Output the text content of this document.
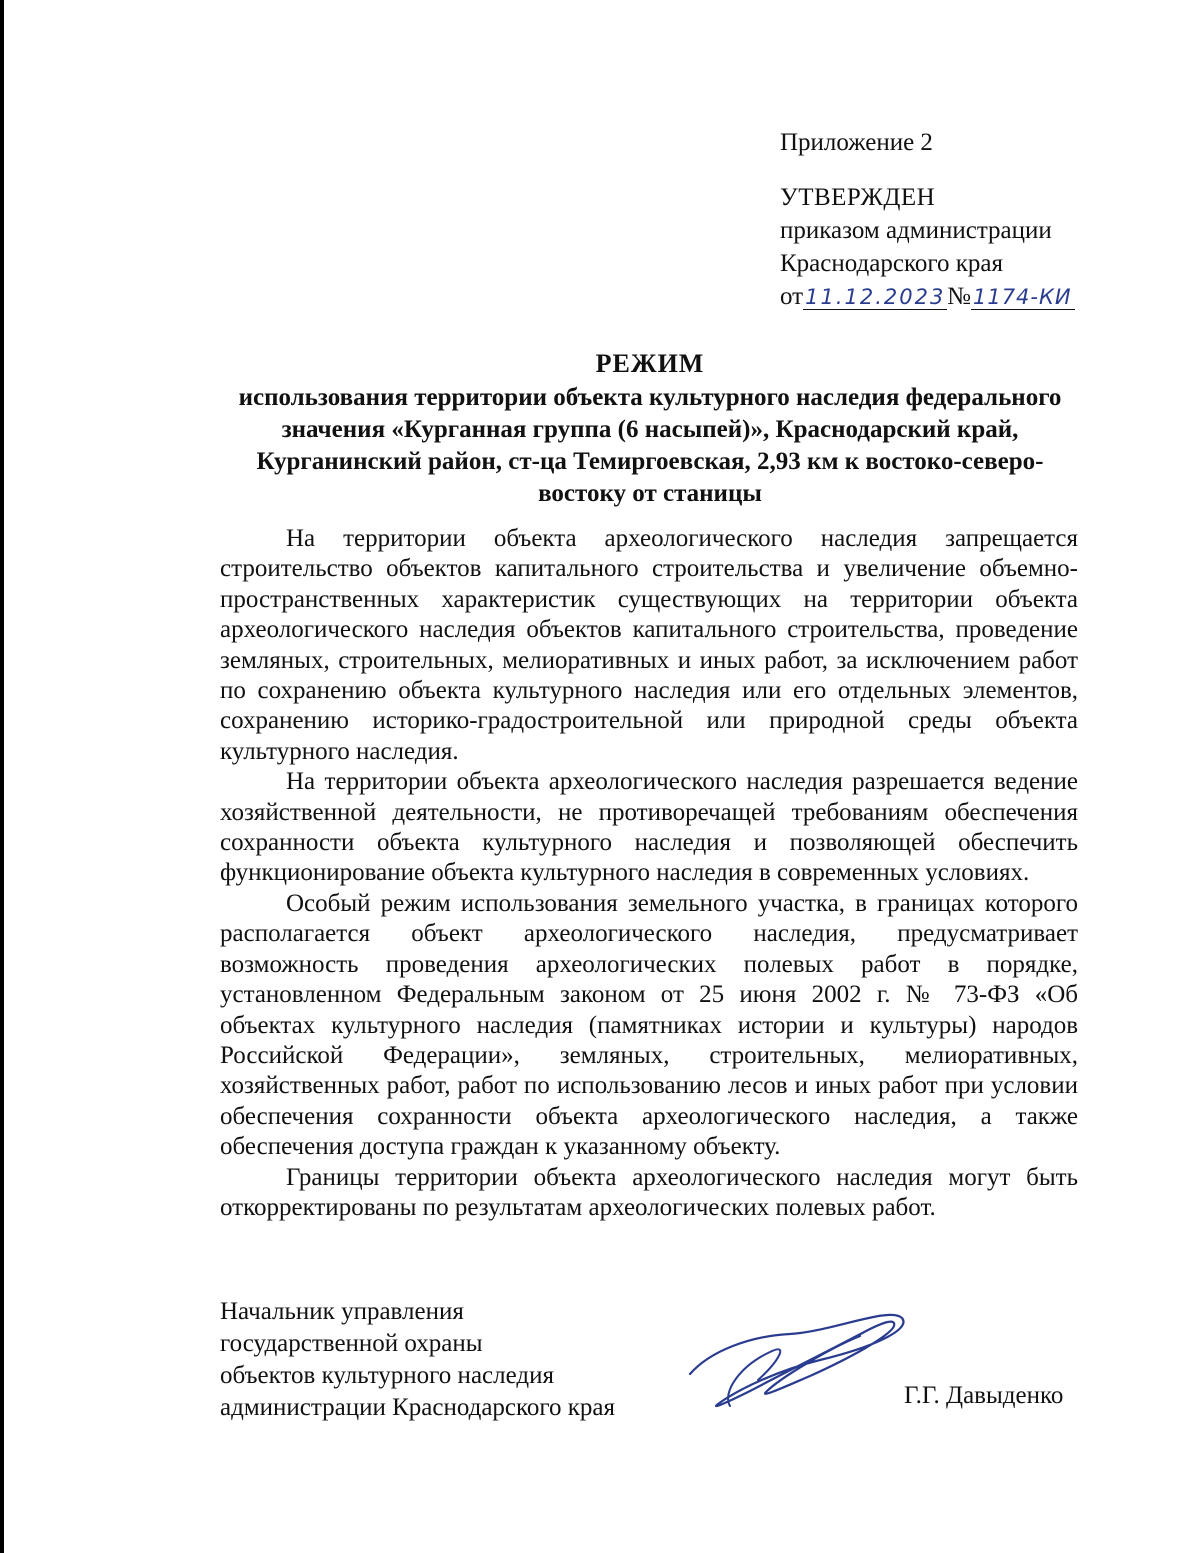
Приложение 2
УТВЕРЖДЕН
приказом администрации
Краснодарского края
от11.12.2023№1174-КИ
РЕЖИМ
использования территории объекта культурного наследия федерального
значения «Курганная группа (6 насыпей)», Краснодарский край,
Курганинский район, ст-ца Темиргоевская, 2,93 км к востоко-северо-
востоку от станицы

На территории объекта археологического наследия запрещается строительство объектов капитального строительства и увеличение объемно-пространственных характеристик существующих на территории объекта археологического наследия объектов капитального строительства, проведение земляных, строительных, мелиоративных и иных работ, за исключением работ по сохранению объекта культурного наследия или его отдельных элементов, сохранению историко-градостроительной или природной среды объекта культурного наследия.

На территории объекта археологического наследия разрешается ведение хозяйственной деятельности, не противоречащей требованиям обеспечения сохранности объекта культурного наследия и позволяющей обеспечить функционирование объекта культурного наследия в современных условиях.

Особый режим использования земельного участка, в границах которого располагается объект археологического наследия, предусматривает возможность проведения археологических полевых работ в порядке, установленном Федеральным законом от 25 июня 2002 г. № 73-ФЗ «Об объектах культурного наследия (памятниках истории и культуры) народов Российской Федерации», земляных, строительных, мелиоративных, хозяйственных работ, работ по использованию лесов и иных работ при условии обеспечения сохранности объекта археологического наследия, а также обеспечения доступа граждан к указанному объекту.

Границы территории объекта археологического наследия могут быть откорректированы по результатам археологических полевых работ.

Начальник управления
государственной охраны
объектов культурного наследия
администрации Краснодарского края	Г.Г. Давыденко
